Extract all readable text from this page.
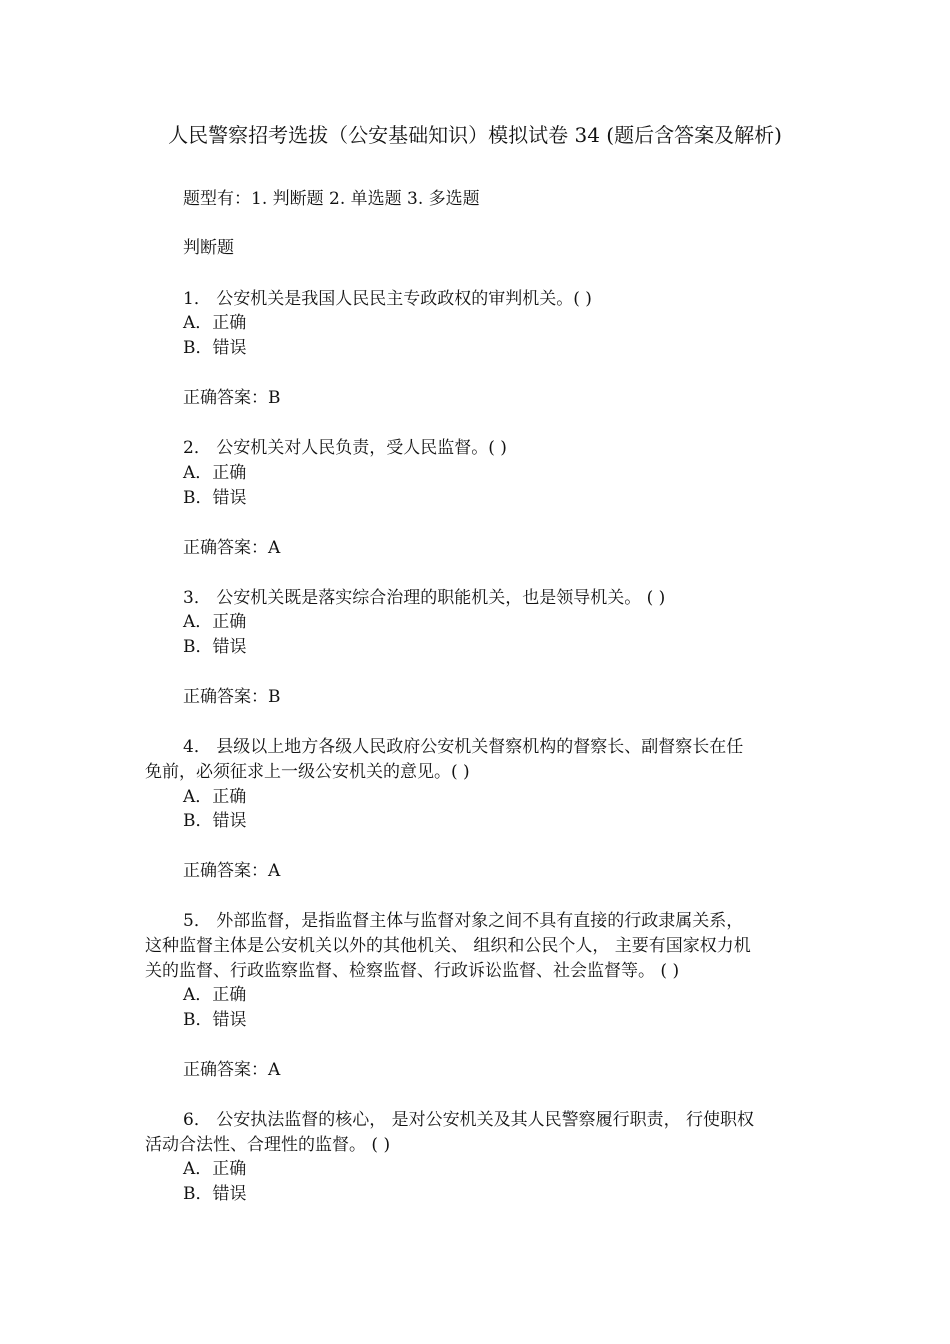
人民警察招考选拔（公安基础知识）模拟试卷 34 (题后含答案及解析)
题型有：1. 判断题 2. 单选题 3. 多选题
判断题
1． 公安机关是我国人民民主专政政权的审判机关。( )
A．正确
B．错误
正确答案：B
2． 公安机关对人民负责，受人民监督。( )
A．正确
B．错误
正确答案：A
3． 公安机关既是落实综合治理的职能机关，也是领导机关。 ( )
A．正确
B．错误
正确答案：B
4． 县级以上地方各级人民政府公安机关督察机构的督察长、副督察长在任
免前，必须征求上一级公安机关的意见。( )
A．正确
B．错误
正确答案：A
5． 外部监督，是指监督主体与监督对象之间不具有直接的行政隶属关系，
这种监督主体是公安机关以外的其他机关、 组织和公民个人， 主要有国家权力机
关的监督、行政监察监督、检察监督、行政诉讼监督、社会监督等。 ( )
A．正确
B．错误
正确答案：A
6． 公安执法监督的核心， 是对公安机关及其人民警察履行职责， 行使职权
活动合法性、合理性的监督。 ( )
A．正确
B．错误
